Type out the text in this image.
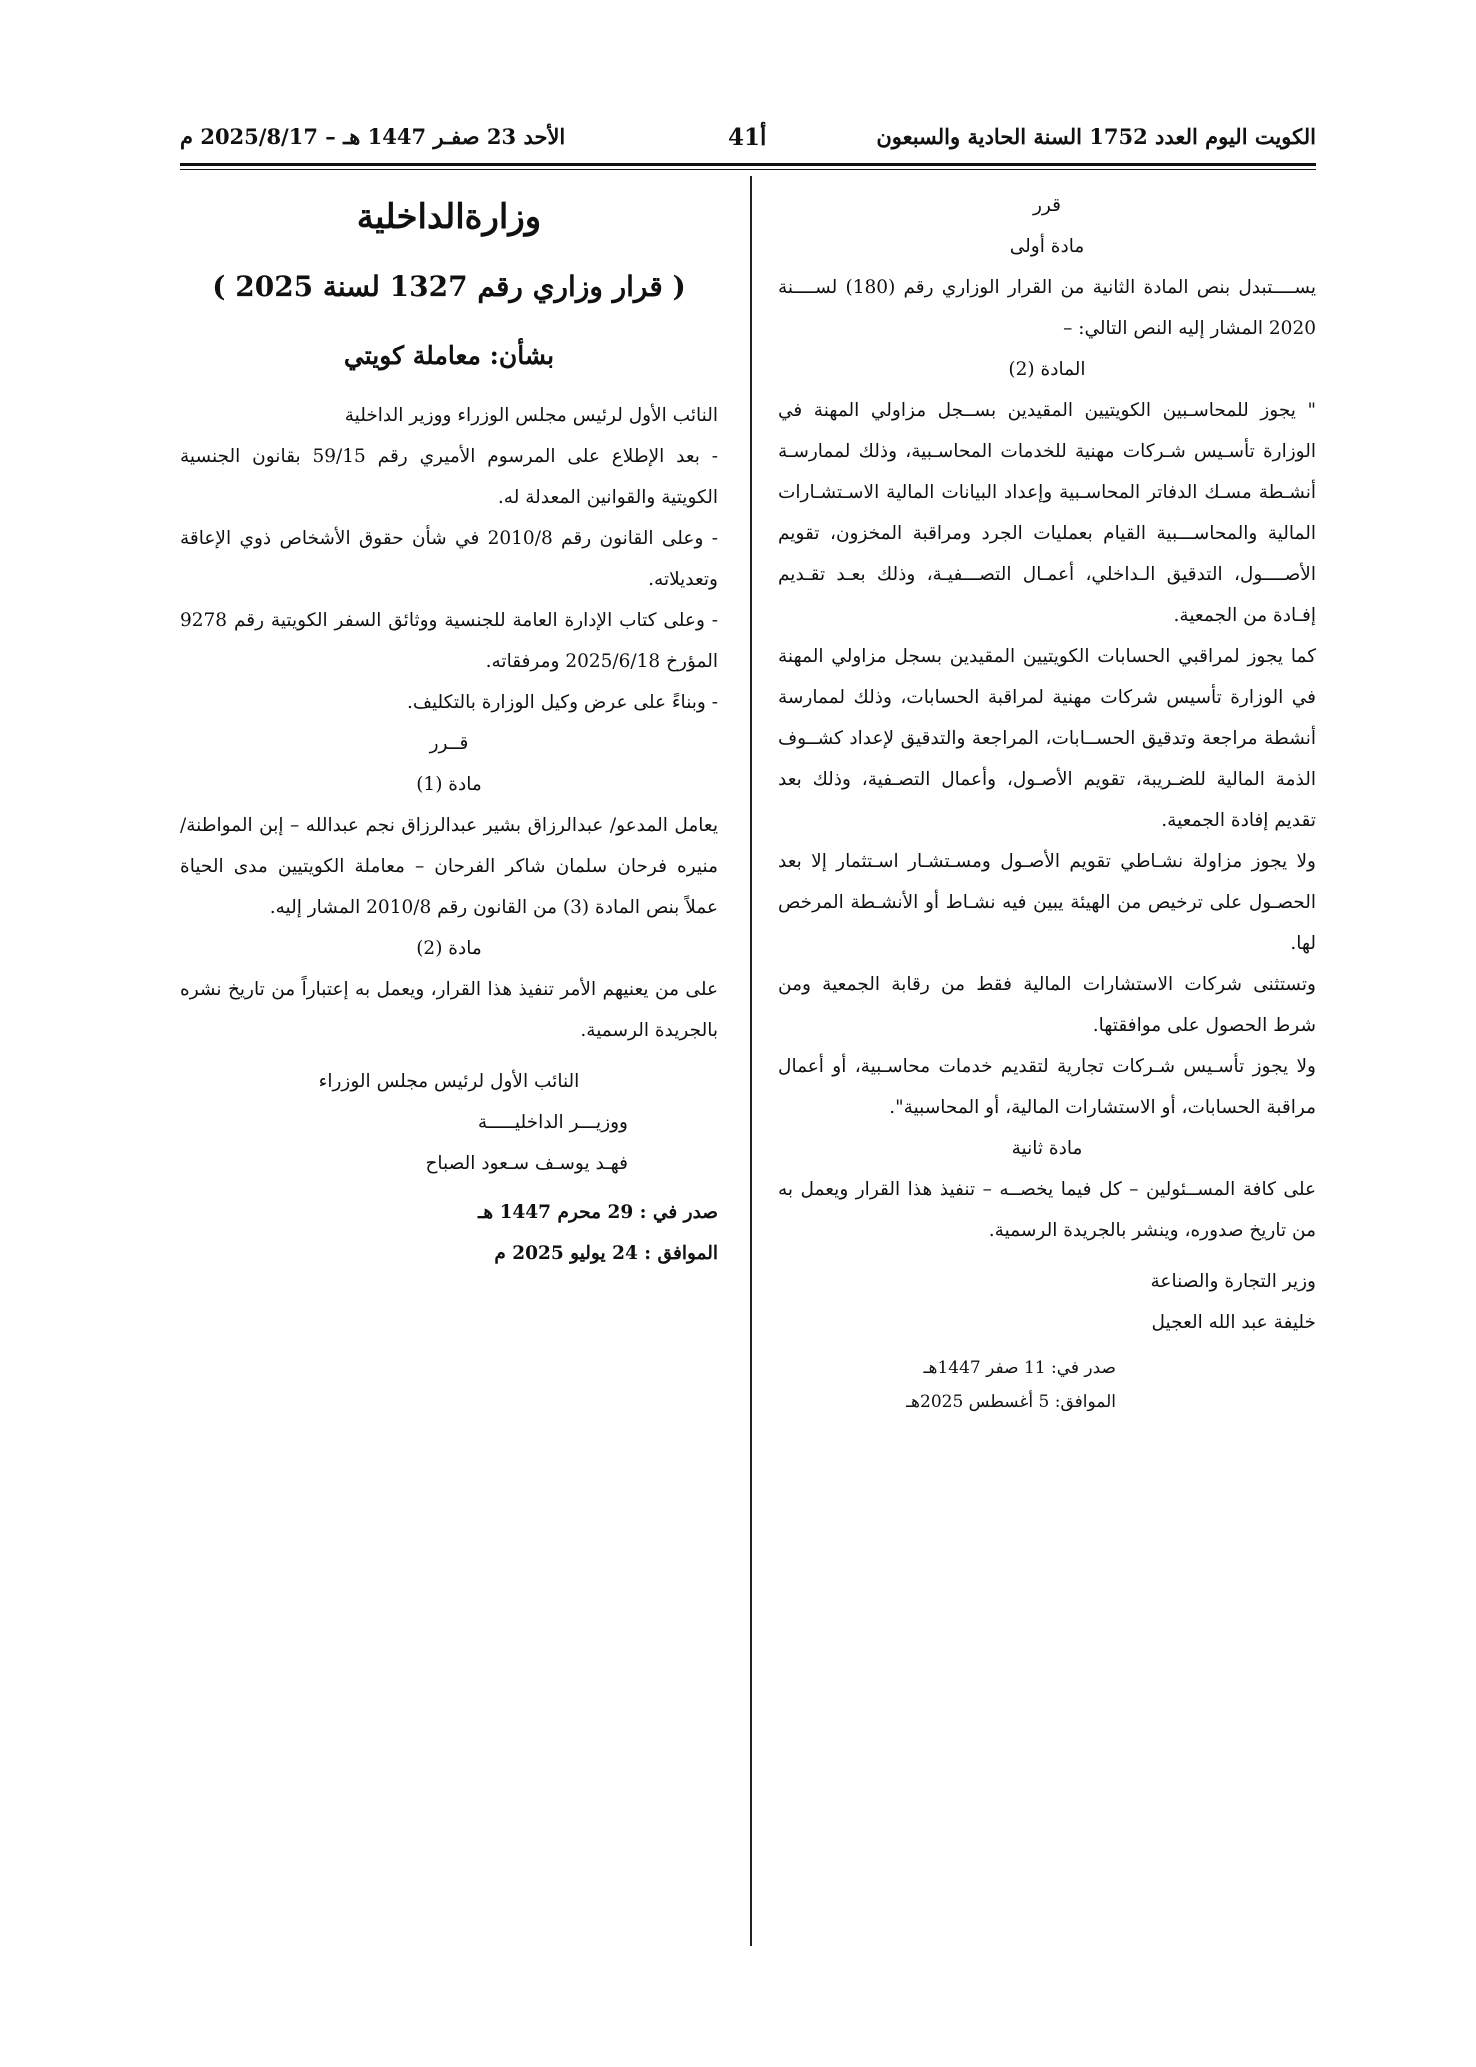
الكويت اليوم العدد 1752 السنة الحادية والسبعون
41أ
الأحد 23 صفـر 1447 هـ – 2025/8/17 م

قرر

مادة أولى

يســــتبدل بنص المادة الثانية من القرار الوزاري رقم (180) لســــنة 2020 المشار إليه النص التالي: –

المادة (2)

" يجوز للمحاسـبين الكويتيين المقيدين بســجل مزاولي المهنة في الوزارة تأسـيس شـركات مهنية للخدمات المحاسـبية، وذلك لممارسـة أنشـطة مسـك الدفاتر المحاسـبية وإعداد البيانات المالية الاسـتشـارات المالية والمحاســـبية القيام بعمليات الجرد ومراقبة المخزون، تقويم الأصــــول، التدقيق الـداخلي، أعمـال التصـــفيـة، وذلك بعـد تقـديم إفـادة من الجمعية.

كما يجوز لمراقبي الحسابات الكويتيين المقيدين بسجل مزاولي المهنة في الوزارة تأسيس شركات مهنية لمراقبة الحسابات، وذلك لممارسة أنشطة مراجعة وتدقيق الحســابات، المراجعة والتدقيق لإعداد كشــوف الذمة المالية للضـريبة، تقويم الأصـول، وأعمال التصـفية، وذلك بعد تقديم إفادة الجمعية.

ولا يجوز مزاولة نشـاطي تقويم الأصـول ومسـتشـار اسـتثمار إلا بعد الحصـول على ترخيص من الهيئة يبين فيه نشـاط أو الأنشـطة المرخص لها.

وتستثنى شركات الاستشارات المالية فقط من رقابة الجمعية ومن شرط الحصول على موافقتها.

ولا يجوز تأسـيس شـركات تجارية لتقديم خدمات محاسـبية، أو أعمال مراقبة الحسابات، أو الاستشارات المالية، أو المحاسبية".

مادة ثانية

على كافة المســئولين – كل فيما يخصــه – تنفيذ هذا القرار ويعمل به من تاريخ صدوره، وينشر بالجريدة الرسمية.

وزير التجارة والصناعة

خليفة عبد الله العجيل

صدر في: 11 صفر 1447هـ

الموافق: 5 أغسطس 2025هـ

وزارةالداخلية

( قرار وزاري رقم 1327 لسنة 2025 )

بشأن: معاملة كويتي

النائب الأول لرئيس مجلس الوزراء ووزير الداخلية

- بعد الإطلاع على المرسوم الأميري رقم 59/15 بقانون الجنسية الكويتية والقوانين المعدلة له.

- وعلى القانون رقم 2010/8 في شأن حقوق الأشخاص ذوي الإعاقة وتعديلاته.

- وعلى كتاب الإدارة العامة للجنسية ووثائق السفر الكويتية رقم 9278 المؤرخ 2025/6/18 ومرفقاته.

- وبناءً على عرض وكيل الوزارة بالتكليف.

قــرر

مادة (1)

يعامل المدعو/ عبدالرزاق بشير عبدالرزاق نجم عبدالله – إبن المواطنة/ منيره فرحان سلمان شاكر الفرحان – معاملة الكويتيين مدى الحياة عملاً بنص المادة (3) من القانون رقم 2010/8 المشار إليه.

مادة (2)

على من يعنيهم الأمر تنفيذ هذا القرار، ويعمل به إعتباراً من تاريخ نشره بالجريدة الرسمية.

النائب الأول لرئيس مجلس الوزراء

ووزيـــر الداخليـــــة

فهـد يوسـف سـعود الصباح

صدر في : 29 محرم 1447 هـ

الموافق : 24 يوليو 2025 م
